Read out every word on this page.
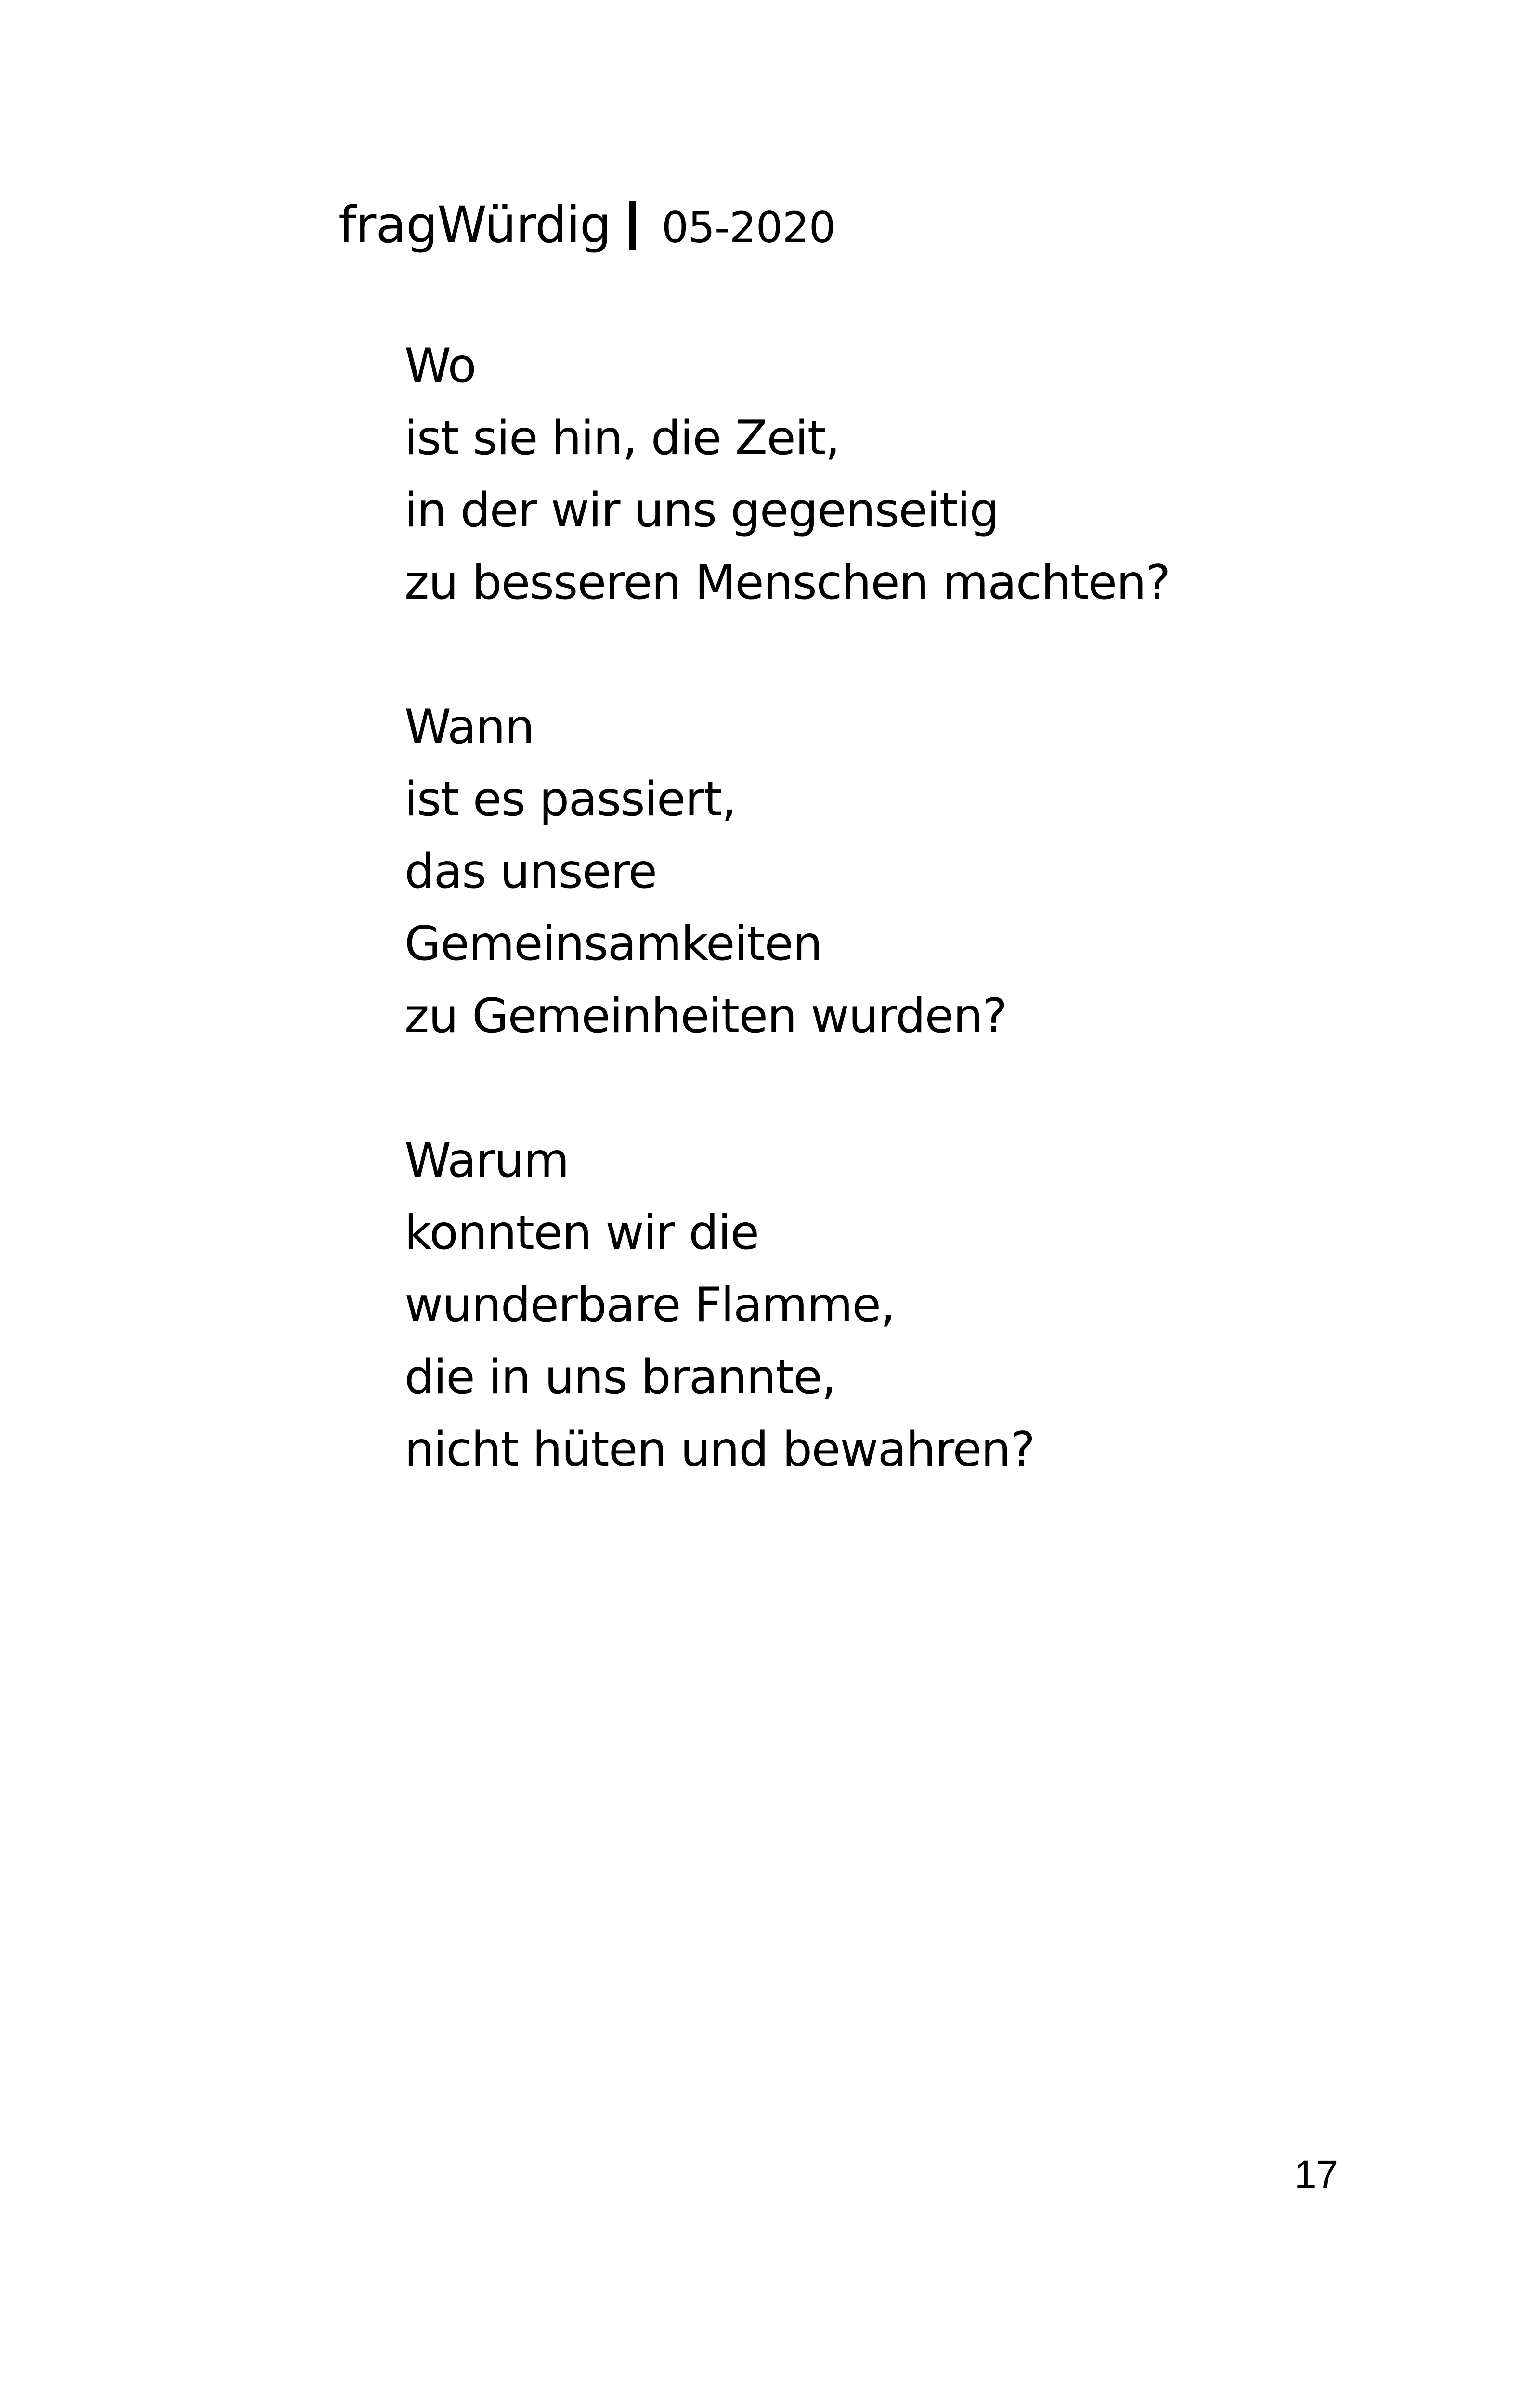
fragWürdig 05-2020
Wo
ist sie hin, die Zeit,
in der wir uns gegenseitig
zu besseren Menschen machten?
Wann
ist es passiert,
das unsere
Gemeinsamkeiten
zu Gemeinheiten wurden?
Warum
konnten wir die
wunderbare Flamme,
die in uns brannte,
nicht hüten und bewahren?
17
